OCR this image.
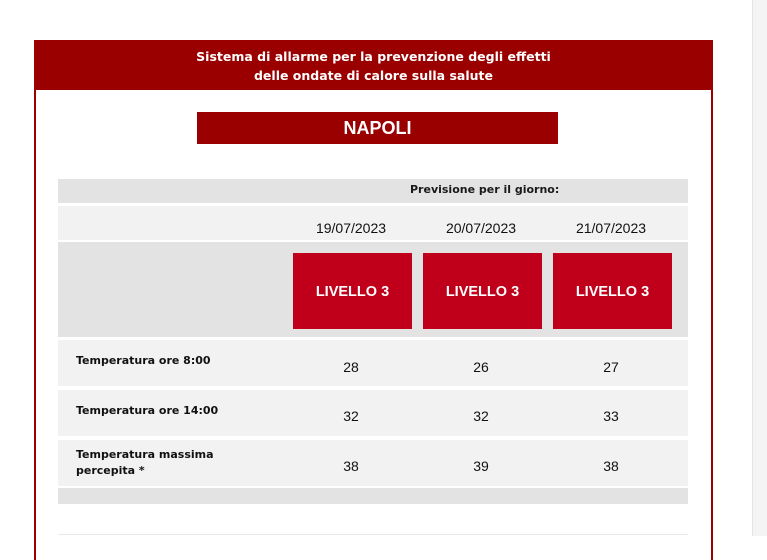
Sistema di allarme per la prevenzione degli effetti
delle ondate di calore sulla salute
NAPOLI
Previsione per il giorno:
19/07/2023	20/07/2023	21/07/2023
LIVELLO 3	LIVELLO 3	LIVELLO 3
Temperatura ore 8:00	28	26	27
Temperatura ore 14:00	32	32	33
Temperatura massima percepita *	38	39	38
